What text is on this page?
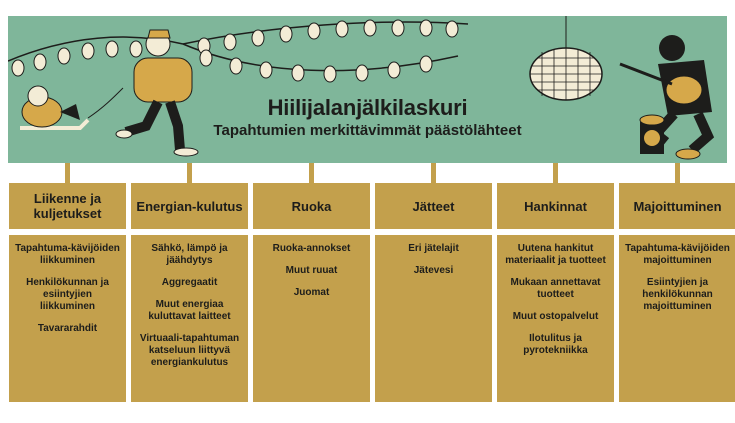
Hiilijalanjälkilaskuri
Tapahtumien merkittävimmät päästölähteet
Liikenne ja kuljetukset
Tapahtuma-kävijöiden liikkuminen
Henkilökunnan ja esiintyjien liikkuminen
Tavararahdit
Energian-kulutus
Sähkö, lämpö ja jäähdytys
Aggregaatit
Muut energiaa kuluttavat laitteet
Virtuaali-tapahtuman katseluun liittyvä energiankulutus
Ruoka
Ruoka-annokset
Muut ruuat
Juomat
Jätteet
Eri jätelajit
Jätevesi
Hankinnat
Uutena hankitut materiaalit ja tuotteet
Mukaan annettavat tuotteet
Muut ostopalvelut
Ilotulitus ja pyrotekniikka
Majoittuminen
Tapahtuma-kävijöiden majoittuminen
Esiintyjien ja henkilökunnan majoittuminen
